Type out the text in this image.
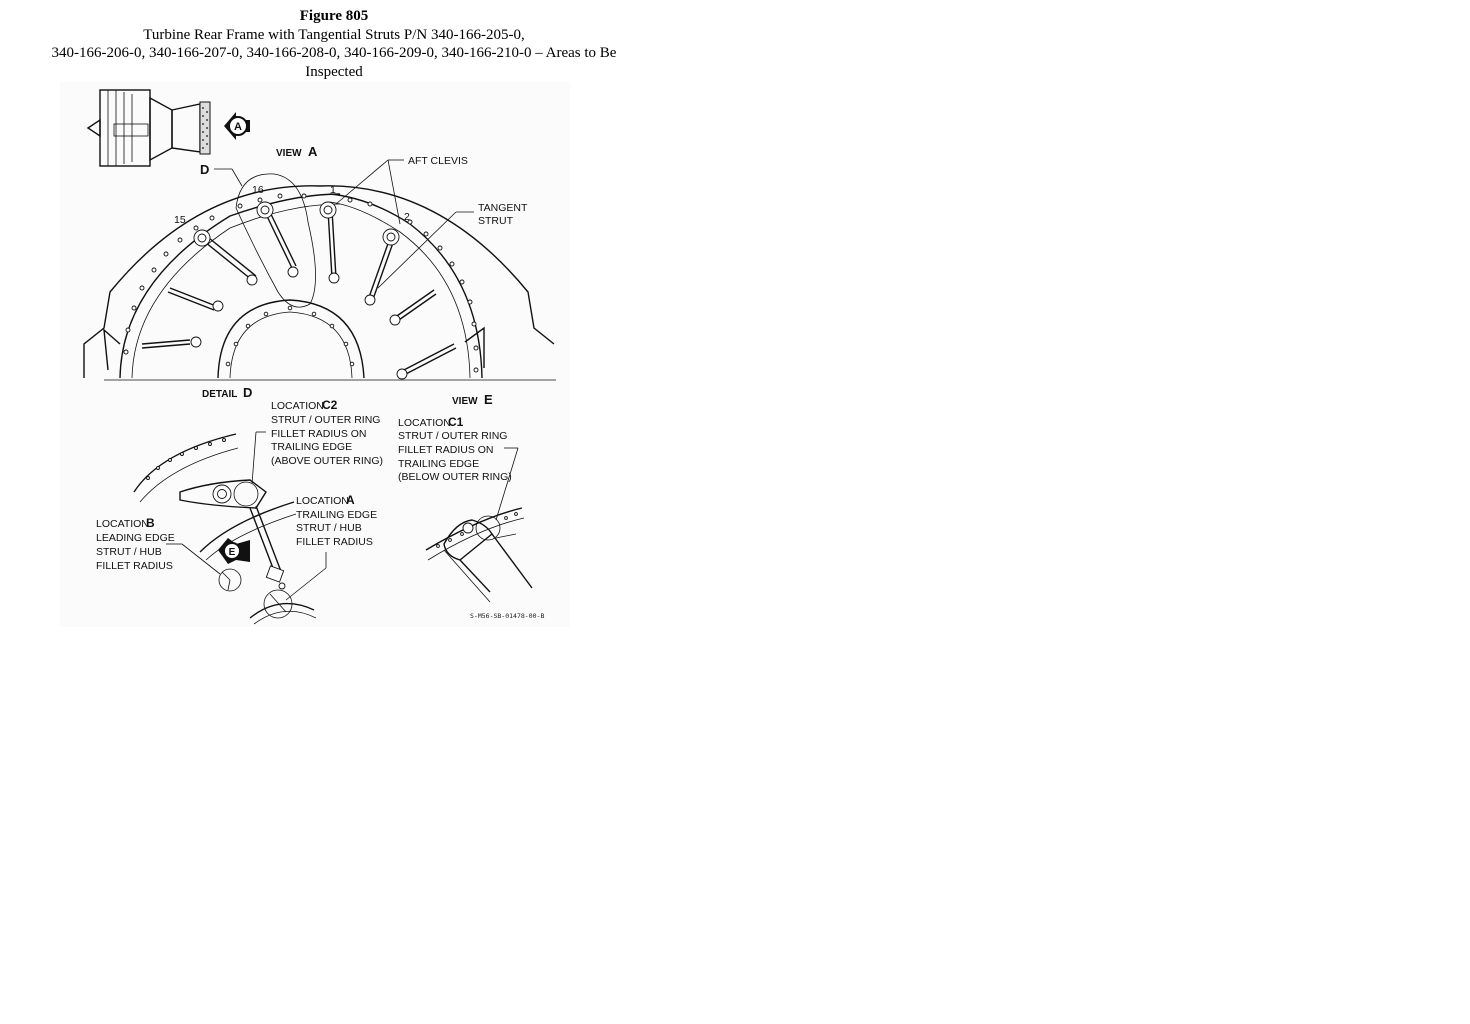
Figure 805
Turbine Rear Frame with Tangential Struts P/N 340-166-205-0,
340-166-206-0, 340-166-207-0, 340-166-208-0, 340-166-209-0, 340-166-210-0 – Areas to Be
Inspected
A
VIEW A
D
16	1
15	2
AFT CLEVIS
TANGENT
STRUT
DETAIL D
E
LOCATION
C2
STRUT / OUTER RING
FILLET RADIUS ON
TRAILING EDGE
(ABOVE OUTER RING)
LOCATION
A
TRAILING EDGE
STRUT / HUB
FILLET RADIUS
LOCATION
B
LEADING EDGE
STRUT / HUB
FILLET RADIUS
VIEW E
LOCATION
C1
STRUT / OUTER RING
FILLET RADIUS ON
TRAILING EDGE
(BELOW OUTER RING)
S-M56-SB-01478-00-B
